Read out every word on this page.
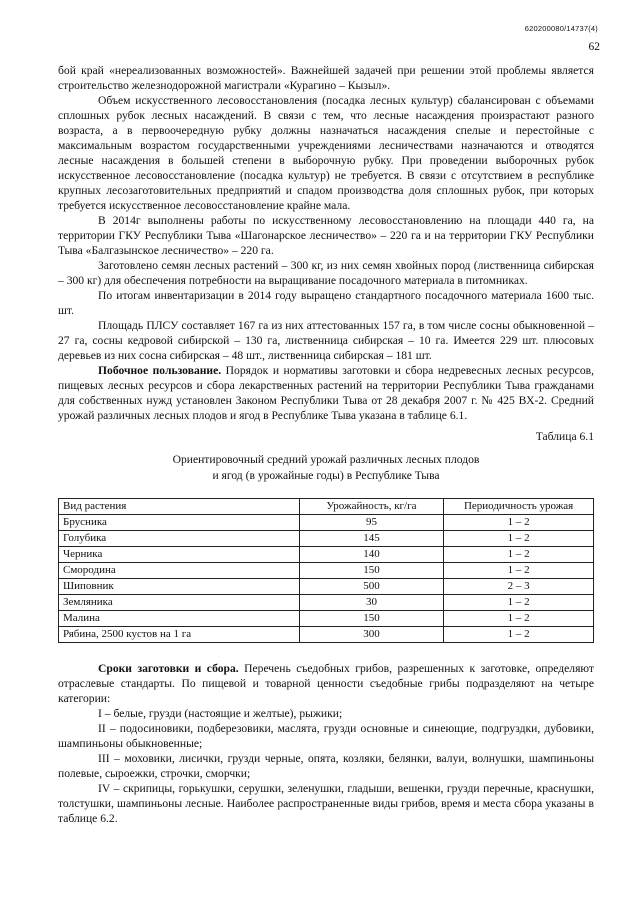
620200080/14737(4)
62

бой край «нереализованных возможностей». Важнейшей задачей при решении этой проблемы является строительство железнодорожной магистрали «Курагино – Кызыл».

Объем искусственного лесовосстановления (посадка лесных культур) сбалансирован с объемами сплошных рубок лесных насаждений. В связи с тем, что лесные насаждения произрастают разного возраста, а в первоочередную рубку должны назначаться насаждения спелые и перестойные с максимальным возрастом государственными учреждениями лесничествами назначаются и отводятся лесные насаждения в большей степени в выборочную рубку. При проведении выборочных рубок искусственное лесовосстановление (посадка культур) не требуется. В связи с отсутствием в республике крупных лесозаготовительных предприятий и спадом производства доля сплошных рубок, при которых требуется искусственное лесовосстановление крайне мала.

В 2014г выполнены работы по искусственному лесовосстановлению на площади 440 га, на территории ГКУ Республики Тыва «Шагонарское лесничество» – 220 га и на территории ГКУ Республики Тыва «Балгазынское лесничество» – 220 га.

Заготовлено семян лесных растений – 300 кг, из них семян хвойных пород (лиственница сибирская – 300 кг) для обеспечения потребности на выращивание посадочного материала в питомниках.

По итогам инвентаризации в 2014 году выращено стандартного посадочного материала 1600 тыс. шт.

Площадь ПЛСУ составляет 167 га из них аттестованных 157 га, в том числе сосны обыкновенной – 27 га, сосны кедровой сибирской – 130 га, лиственница сибирская – 10 га. Имеется 229 шт. плюсовых деревьев из них сосна сибирская – 48 шт., лиственница сибирская – 181 шт.

Побочное пользование. Порядок и нормативы заготовки и сбора недревесных лесных ресурсов, пищевых лесных ресурсов и сбора лекарственных растений на территории Республики Тыва гражданами для собственных нужд установлен Законом Республики Тыва от 28 декабря 2007 г. № 425 ВХ-2. Средний урожай различных лесных плодов и ягод в Республике Тыва указана в таблице 6.1.

Таблица 6.1

Ориентировочный средний урожай различных лесных плодов
и ягод (в урожайные годы) в Республике Тыва

Вид растения	Урожайность, кг/га	Периодичность урожая
Брусника	95	1 – 2
Голубика	145	1 – 2
Черника	140	1 – 2
Смородина	150	1 – 2
Шиповник	500	2 – 3
Земляника	30	1 – 2
Малина	150	1 – 2
Рябина, 2500 кустов на 1 га	300	1 – 2

Сроки заготовки и сбора. Перечень съедобных грибов, разрешенных к заготовке, определяют отраслевые стандарты. По пищевой и товарной ценности съедобные грибы подразделяют на четыре категории:

I – белые, грузди (настоящие и желтые), рыжики;

II – подосиновики, подберезовики, маслята, грузди основные и синеющие, подгруздки, дубовики, шампиньоны обыкновенные;

III – моховики, лисички, грузди черные, опята, козляки, белянки, валуи, волнушки, шампиньоны полевые, сыроежки, строчки, сморчки;

IV – скрипицы, горькушки, серушки, зеленушки, гладыши, вешенки, грузди перечные, краснушки, толстушки, шампиньоны лесные. Наиболее распространенные виды грибов, время и места сбора указаны в таблице 6.2.
